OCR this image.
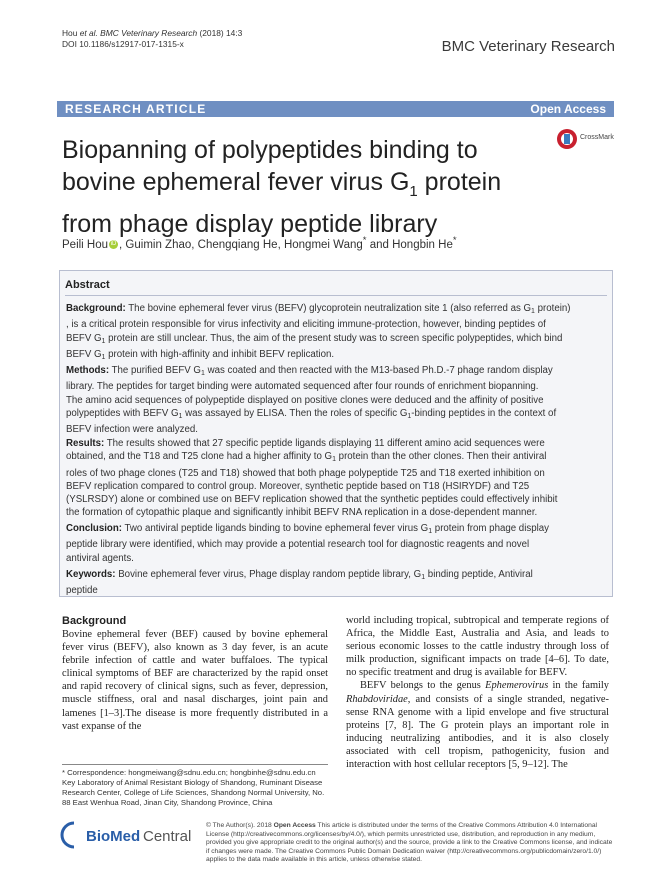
Hou et al. BMC Veterinary Research (2018) 14:3
DOI 10.1186/s12917-017-1315-x	BMC Veterinary Research
RESEARCH ARTICLE	Open Access
Biopanning of polypeptides binding to
bovine ephemeral fever virus $G_1$ protein
from phage display peptide library
CrossMark
Peili Hou iD , Guimin Zhao, Chengqiang He, Hongmei Wang* and Hongbin He*
Abstract

Background: The bovine ephemeral fever virus (BEFV) glycoprotein neutralization site 1 (also referred as $G_1$ protein)
, is a critical protein responsible for virus infectivity and eliciting immune-protection, however, binding peptides of
BEFV $G_1$ protein are still unclear. Thus, the aim of the present study was to screen specific polypeptides, which bind
BEFV $G_1$ protein with high-affinity and inhibit BEFV replication.

Methods: The purified BEFV $G_1$ was coated and then reacted with the M13-based Ph.D.-7 phage random display
library. The peptides for target binding were automated sequenced after four rounds of enrichment biopanning.
The amino acid sequences of polypeptide displayed on positive clones were deduced and the affinity of positive
polypeptides with BEFV $G_1$ was assayed by ELISA. Then the roles of specific $G_1$-binding peptides in the context of
BEFV infection were analyzed.

Results: The results showed that 27 specific peptide ligands displaying 11 different amino acid sequences were
obtained, and the T18 and T25 clone had a higher affinity to $G_1$ protein than the other clones. Then their antiviral
roles of two phage clones (T25 and T18) showed that both phage polypeptide T25 and T18 exerted inhibition on
BEFV replication compared to control group. Moreover, synthetic peptide based on T18 (HSIRYDF) and T25
(YSLRSDY) alone or combined use on BEFV replication showed that the synthetic peptides could effectively inhibit
the formation of cytopathic plaque and significantly inhibit BEFV RNA replication in a dose-dependent manner.

Conclusion: Two antiviral peptide ligands binding to bovine ephemeral fever virus $G_1$ protein from phage display
peptide library were identified, which may provide a potential research tool for diagnostic reagents and novel
antiviral agents.

Keywords: Bovine ephemeral fever virus, Phage display random peptide library, $G_1$ binding peptide, Antiviral
peptide

Background

Bovine ephemeral fever (BEF) caused by bovine ephemeral fever virus (BEFV), also known as 3 day fever, is an acute febrile infection of cattle and water buffaloes. The typical clinical symptoms of BEF are characterized by the rapid onset and rapid recovery of clinical signs, such as fever, depression, muscle stiffness, oral and nasal discharges, joint pain and lamenes [1–3].The disease is more frequently distributed in a vast expanse of the

* Correspondence: hongmeiwang@sdnu.edu.cn; hongbinhe@sdnu.edu.cn
Key Laboratory of Animal Resistant Biology of Shandong, Ruminant Disease Research Center, College of Life Sciences, Shandong Normal University, No. 88 East Wenhua Road, Jinan City, Shandong Province, China

world including tropical, subtropical and temperate regions of Africa, the Middle East, Australia and Asia, and leads to serious economic losses to the cattle industry through loss of milk production, significant impacts on trade [4–6]. To date, no specific treatment and drug is available for BEFV.

BEFV belongs to the genus Ephemerovirus in the family Rhabdoviridae, and consists of a single stranded, negative-sense RNA genome with a lipid envelope and five structural proteins [7, 8]. The G protein plays an important role in inducing neutralizing antibodies, and it is also closely associated with cell tropism, pathogenicity, fusion and interaction with host cellular receptors [5, 9–12]. The

BioMed Central
© The Author(s). 2018 Open Access This article is distributed under the terms of the Creative Commons Attribution 4.0 International License (http://creativecommons.org/licenses/by/4.0/), which permits unrestricted use, distribution, and reproduction in any medium, provided you give appropriate credit to the original author(s) and the source, provide a link to the Creative Commons license, and indicate if changes were made. The Creative Commons Public Domain Dedication waiver (http://creativecommons.org/publicdomain/zero/1.0/) applies to the data made available in this article, unless otherwise stated.
